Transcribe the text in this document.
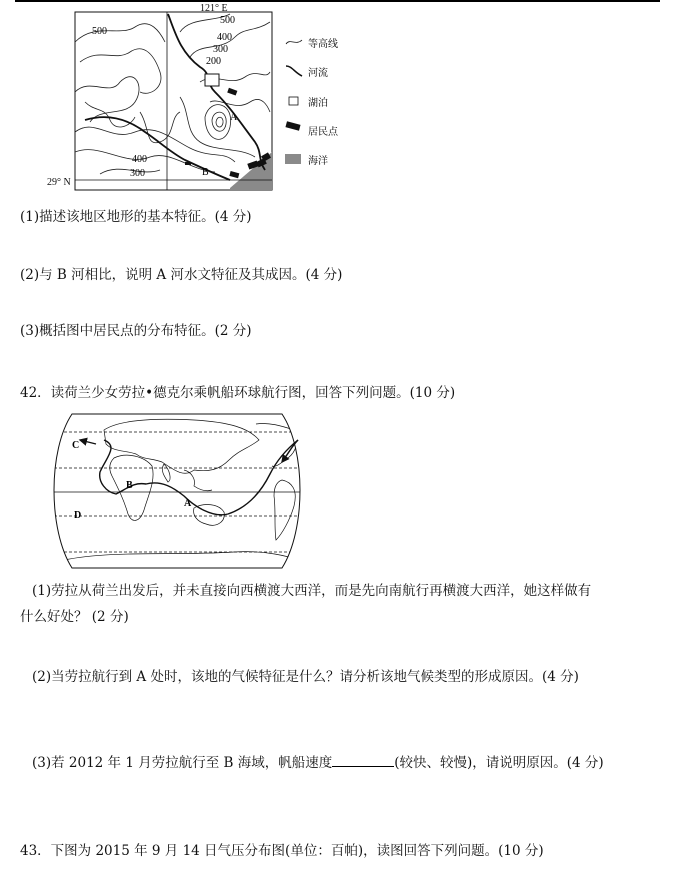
121° E
29° N
500
500
400
300
200
400
300
A
B
等高线
河流
湖泊
居民点
海洋
(1)描述该地区地形的基本特征。(4 分)
(2)与 B 河相比，说明 A 河水文特征及其成因。(4 分)
(3)概括图中居民点的分布特征。(2 分)
42．读荷兰少女劳拉•德克尔乘帆船环球航行图，回答下列问题。(10 分)
C
B
A
D
(1)劳拉从荷兰出发后，并未直接向西横渡大西洋，而是先向南航行再横渡大西洋，她这样做有
什么好处？ (2 分)
(2)当劳拉航行到 A 处时，该地的气候特征是什么？请分析该地气候类型的形成原因。(4 分)
(3)若 2012 年 1 月劳拉航行至 B 海域，帆船速度	(较快、较慢)，请说明原因。(4 分)
43．下图为 2015 年 9 月 14 日气压分布图(单位：百帕)，读图回答下列问题。(10 分)
